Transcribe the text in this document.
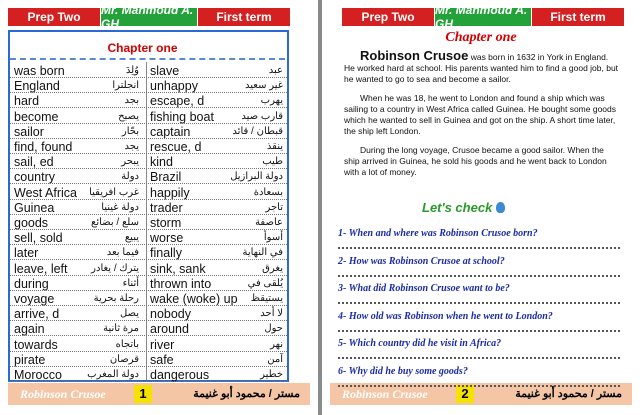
Prep Two	Mr. Mahmoud A. GH	First term
was born	وُلِدَ slave	عبد
England	انجلترا unhappy	غير سعيد
hard	بجد escape, d	يهرب
become	يصبح fishing boat	قارب صيد
sailor	بحّار captain	قبطان / قائد
find, found	يجد rescue, d	ينقذ
sail, ed	يبحر kind	طيب
country	دولة Brazil	دولة البرازيل
West Africa غرب افريقيا happily	بسعادة
Guinea	دولة غينيا trader	تاجر
goods	سلع / بضائع storm	عاصفة
sell, sold	يبيع worse	أسوأ
later	فيما بعد finally	في النهاية
leave, left يترك / يغادر sink, sank	يغرق
during	أثناء thrown into	يُلقى في
voyage	رحلة بحرية wake (woke) up يستيقظ
arrive, d	يصل nobody	لا أحد
again	مرة ثانية around	حول
towards	باتجاه river	نهر
pirate	قرصان safe	آمن
Morocco	دولة المغرب dangerous	خطير
Chapter one
Robinson Crusoe	1	مستر / محمود أبو غنيمة
Prep Two	Mr. Mahmoud A. GH	First term
Chapter one

Robinson Crusoe was born in 1632 in York in England. He worked hard at school. His parents wanted him to find a good job, but he wanted to go to sea and become a sailor.

When he was 18, he went to London and found a ship which was sailing to a country in West Africa called Guinea. He bought some goods which he wanted to sell in Guinea and got on the ship. A short time later, the ship left London.

During the long voyage, Crusoe became a good sailor. When the ship arrived in Guinea, he sold his goods and he went back to London with a lot of money.

Let's check
Robinson Crusoe	2	مستر / محمود أبو غنيمة
1- When and where was Robinson Crusoe born?
2- How was Robinson Crusoe at school?
3- What did Robinson Crusoe want to be?
4- How old was Robinson when he went to London?
5- Which country did he visit in Africa?
6- Why did he buy some goods?
